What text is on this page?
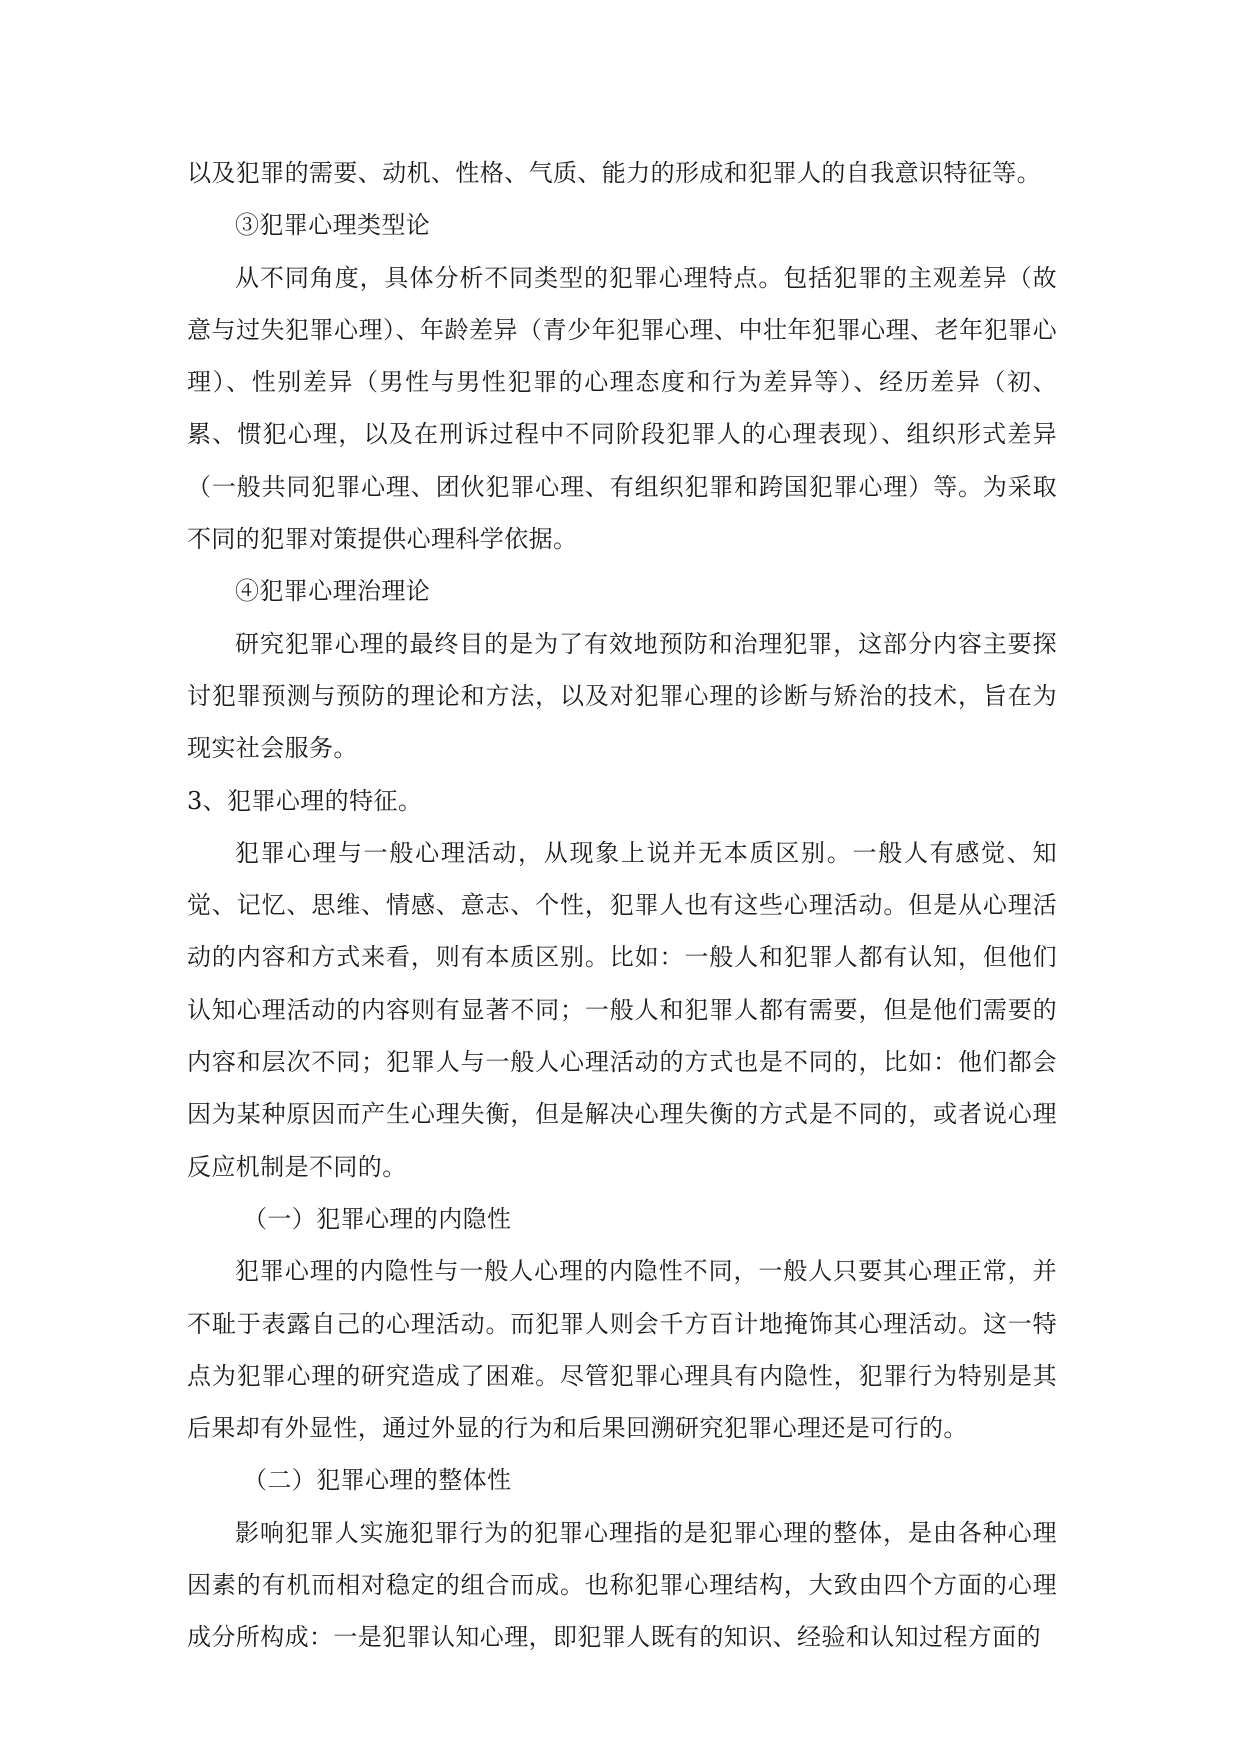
以及犯罪的需要、动机、性格、气质、能力的形成和犯罪人的自我意识特征等。

③犯罪心理类型论

从不同角度，具体分析不同类型的犯罪心理特点。包括犯罪的主观差异（故意与过失犯罪心理）、年龄差异（青少年犯罪心理、中壮年犯罪心理、老年犯罪心理）、性别差异（男性与男性犯罪的心理态度和行为差异等）、经历差异（初、累、惯犯心理，以及在刑诉过程中不同阶段犯罪人的心理表现）、组织形式差异（一般共同犯罪心理、团伙犯罪心理、有组织犯罪和跨国犯罪心理）等。为采取不同的犯罪对策提供心理科学依据。

④犯罪心理治理论

研究犯罪心理的最终目的是为了有效地预防和治理犯罪，这部分内容主要探讨犯罪预测与预防的理论和方法，以及对犯罪心理的诊断与矫治的技术，旨在为现实社会服务。

3、犯罪心理的特征。

犯罪心理与一般心理活动，从现象上说并无本质区别。一般人有感觉、知觉、记忆、思维、情感、意志、个性，犯罪人也有这些心理活动。但是从心理活动的内容和方式来看，则有本质区别。比如：一般人和犯罪人都有认知，但他们认知心理活动的内容则有显著不同；一般人和犯罪人都有需要，但是他们需要的内容和层次不同；犯罪人与一般人心理活动的方式也是不同的，比如：他们都会因为某种原因而产生心理失衡，但是解决心理失衡的方式是不同的，或者说心理反应机制是不同的。

（一）犯罪心理的内隐性

犯罪心理的内隐性与一般人心理的内隐性不同，一般人只要其心理正常，并不耻于表露自己的心理活动。而犯罪人则会千方百计地掩饰其心理活动。这一特点为犯罪心理的研究造成了困难。尽管犯罪心理具有内隐性，犯罪行为特别是其后果却有外显性，通过外显的行为和后果回溯研究犯罪心理还是可行的。

（二）犯罪心理的整体性

影响犯罪人实施犯罪行为的犯罪心理指的是犯罪心理的整体，是由各种心理因素的有机而相对稳定的组合而成。也称犯罪心理结构，大致由四个方面的心理成分所构成：一是犯罪认知心理，即犯罪人既有的知识、经验和认知过程方面的
